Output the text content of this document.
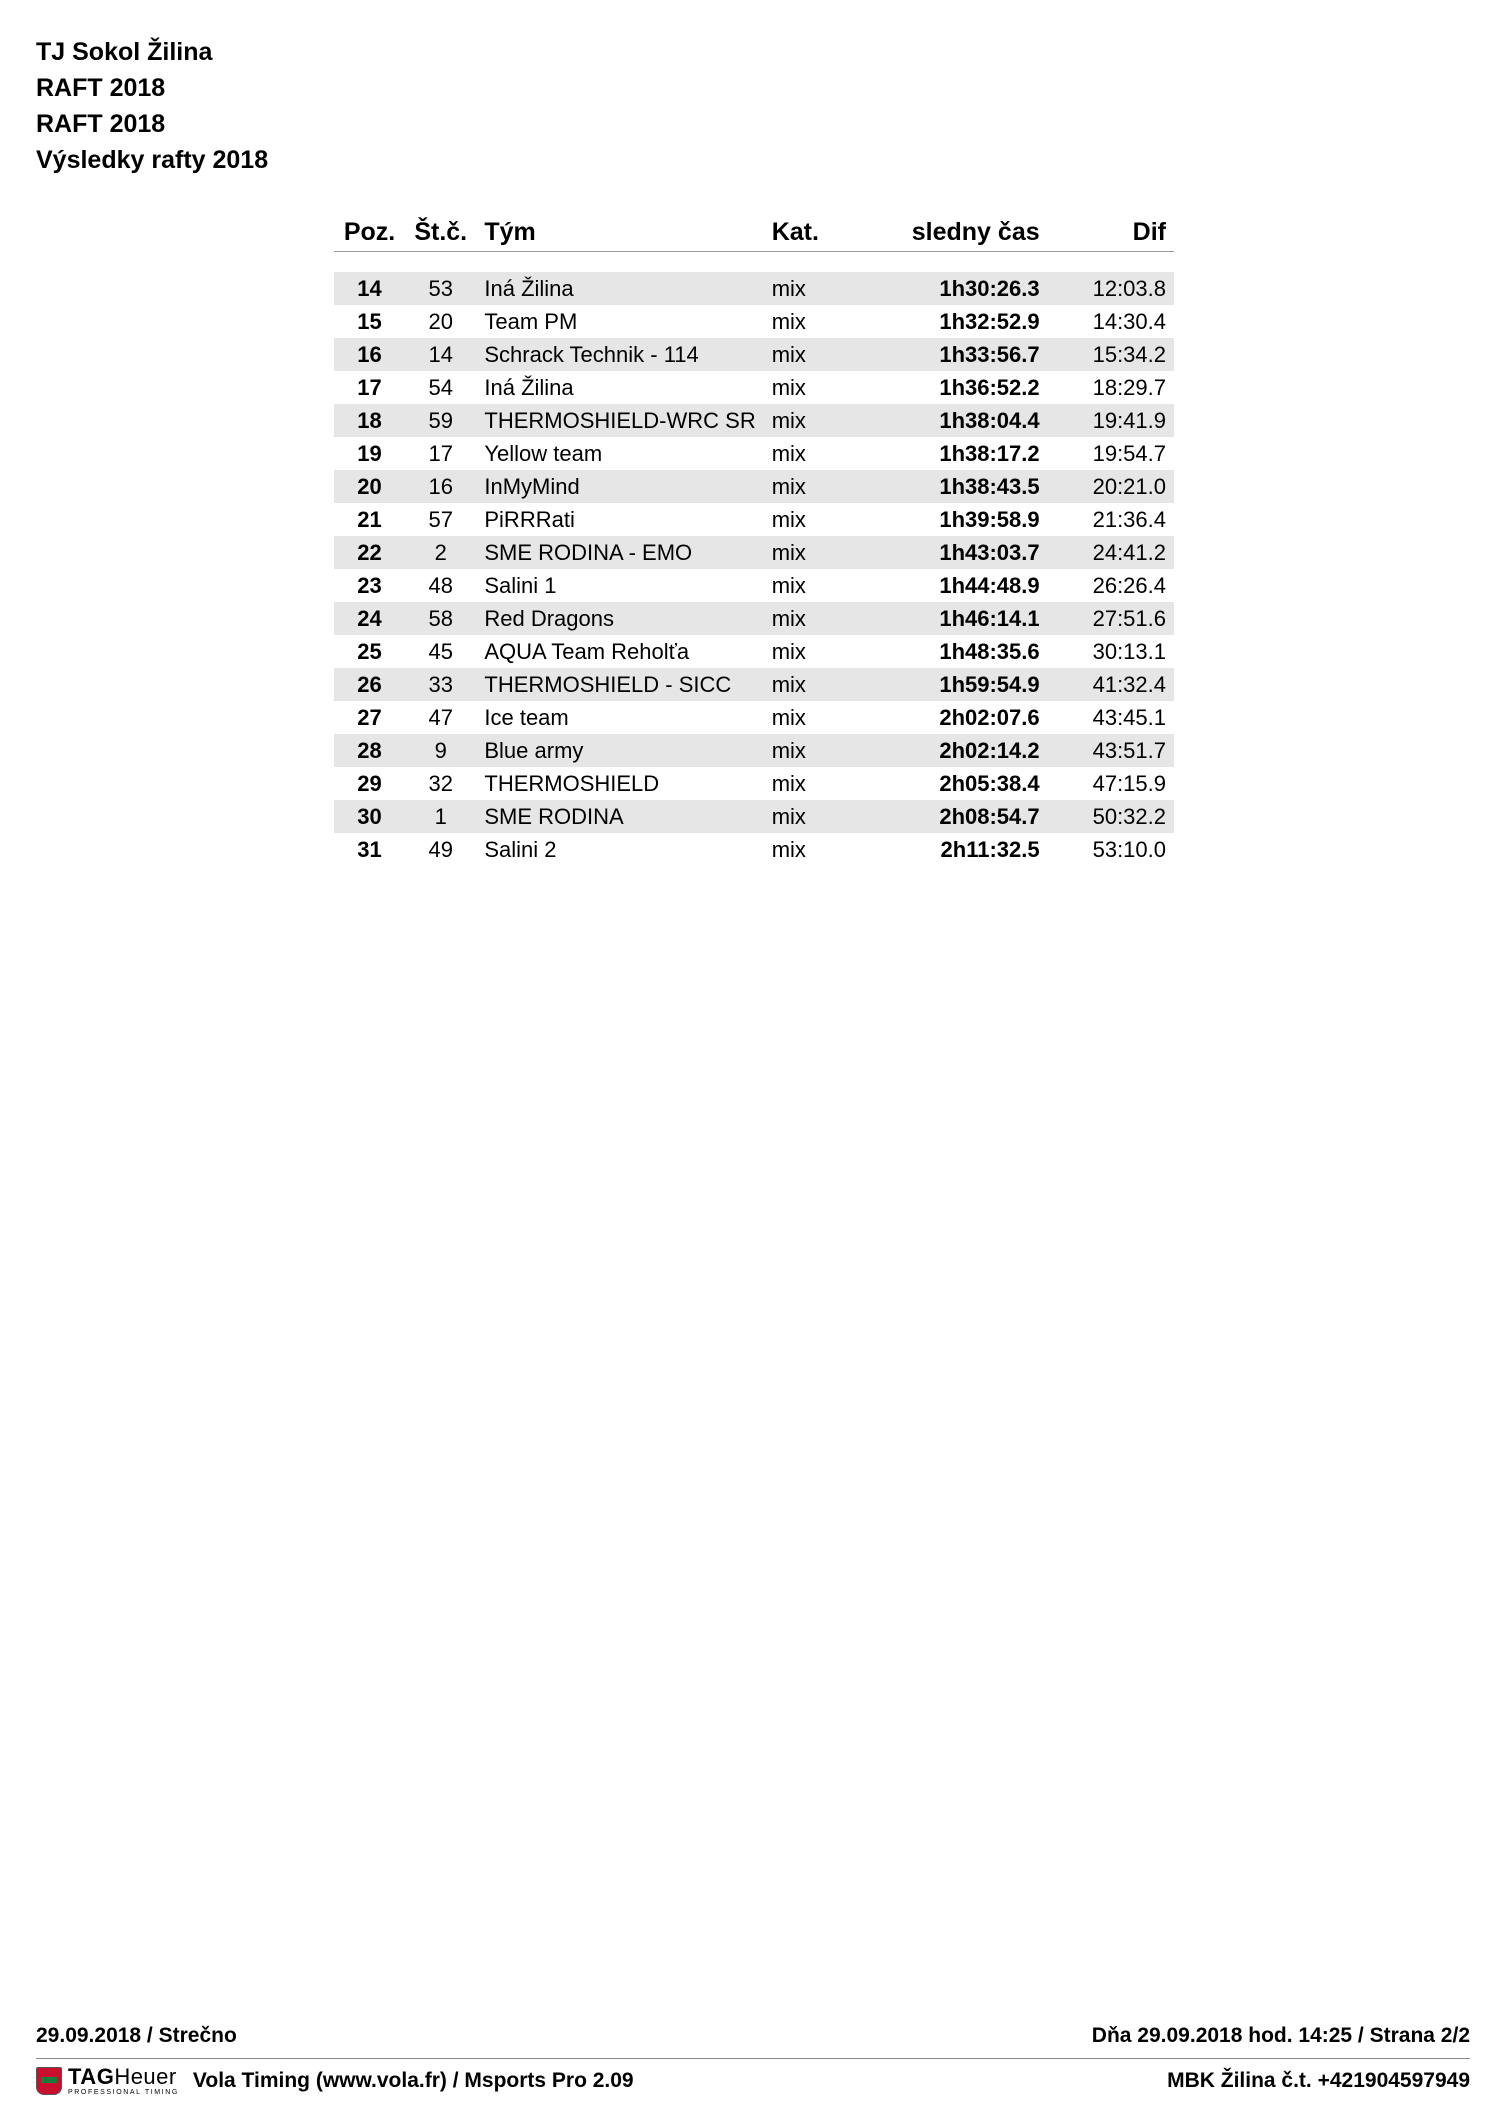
TJ Sokol Žilina
RAFT 2018
RAFT 2018
Výsledky rafty 2018
Poz.	Št.č.	Tým	Kat.	sledny čas	Dif

14	53	Iná Žilina	mix	1h30:26.3	12:03.8
15	20	Team PM	mix	1h32:52.9	14:30.4
16	14	Schrack Technik - 114	mix	1h33:56.7	15:34.2
17	54	Iná Žilina	mix	1h36:52.2	18:29.7
18	59	THERMOSHIELD-WRC SR	mix	1h38:04.4	19:41.9
19	17	Yellow team	mix	1h38:17.2	19:54.7
20	16	InMyMind	mix	1h38:43.5	20:21.0
21	57	PiRRRati	mix	1h39:58.9	21:36.4
22	2	SME RODINA - EMO	mix	1h43:03.7	24:41.2
23	48	Salini 1	mix	1h44:48.9	26:26.4
24	58	Red Dragons	mix	1h46:14.1	27:51.6
25	45	AQUA Team Reholťa	mix	1h48:35.6	30:13.1
26	33	THERMOSHIELD - SICC	mix	1h59:54.9	41:32.4
27	47	Ice team	mix	2h02:07.6	43:45.1
28	9	Blue army	mix	2h02:14.2	43:51.7
29	32	THERMOSHIELD	mix	2h05:38.4	47:15.9
30	1	SME RODINA	mix	2h08:54.7	50:32.2
31	49	Salini 2	mix	2h11:32.5	53:10.0
29.09.2018 / Strečno	Dňa 29.09.2018 hod. 14:25 / Strana 2/2
TAGHeuer
PROFESSIONAL TIMING
Vola Timing (www.vola.fr) / Msports Pro 2.09	MBK Žilina č.t. +421904597949
